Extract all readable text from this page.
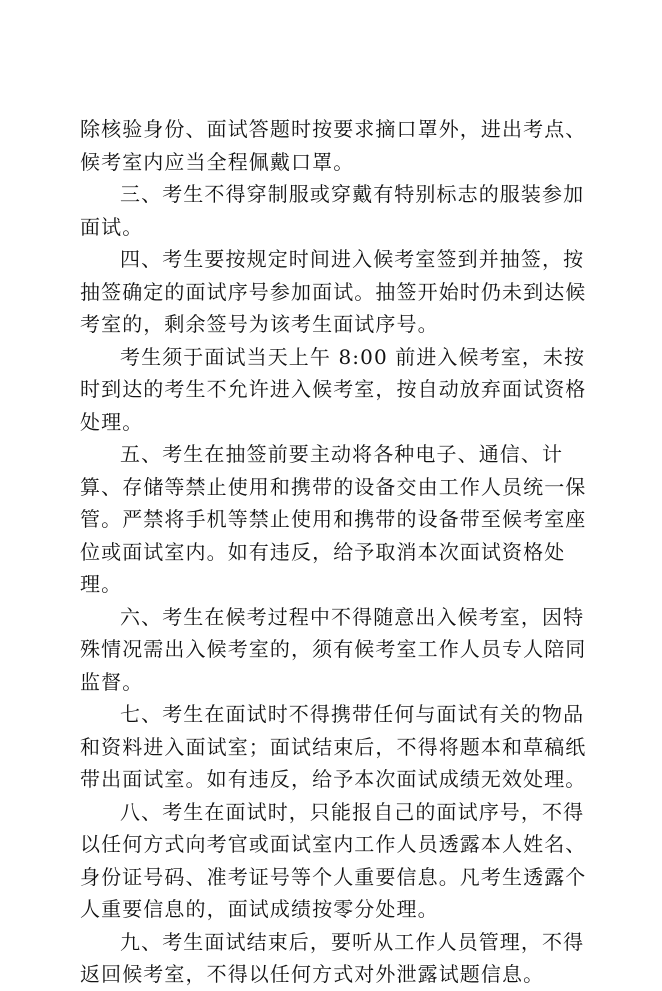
除核验身份、面试答题时按要求摘口罩外，进出考点、候考室内应当全程佩戴口罩。

三、考生不得穿制服或穿戴有特别标志的服装参加面试。

四、考生要按规定时间进入候考室签到并抽签，按抽签确定的面试序号参加面试。抽签开始时仍未到达候考室的，剩余签号为该考生面试序号。

考生须于面试当天上午 8:00 前进入候考室，未按时到达的考生不允许进入候考室，按自动放弃面试资格处理。

五、考生在抽签前要主动将各种电子、通信、计算、存储等禁止使用和携带的设备交由工作人员统一保管。严禁将手机等禁止使用和携带的设备带至候考室座位或面试室内。如有违反，给予取消本次面试资格处理。

六、考生在候考过程中不得随意出入候考室，因特殊情况需出入候考室的，须有候考室工作人员专人陪同监督。

七、考生在面试时不得携带任何与面试有关的物品和资料进入面试室；面试结束后，不得将题本和草稿纸带出面试室。如有违反，给予本次面试成绩无效处理。

八、考生在面试时，只能报自己的面试序号，不得以任何方式向考官或面试室内工作人员透露本人姓名、身份证号码、准考证号等个人重要信息。凡考生透露个人重要信息的，面试成绩按零分处理。

九、考生面试结束后，要听从工作人员管理，不得返回候考室，不得以任何方式对外泄露试题信息。
